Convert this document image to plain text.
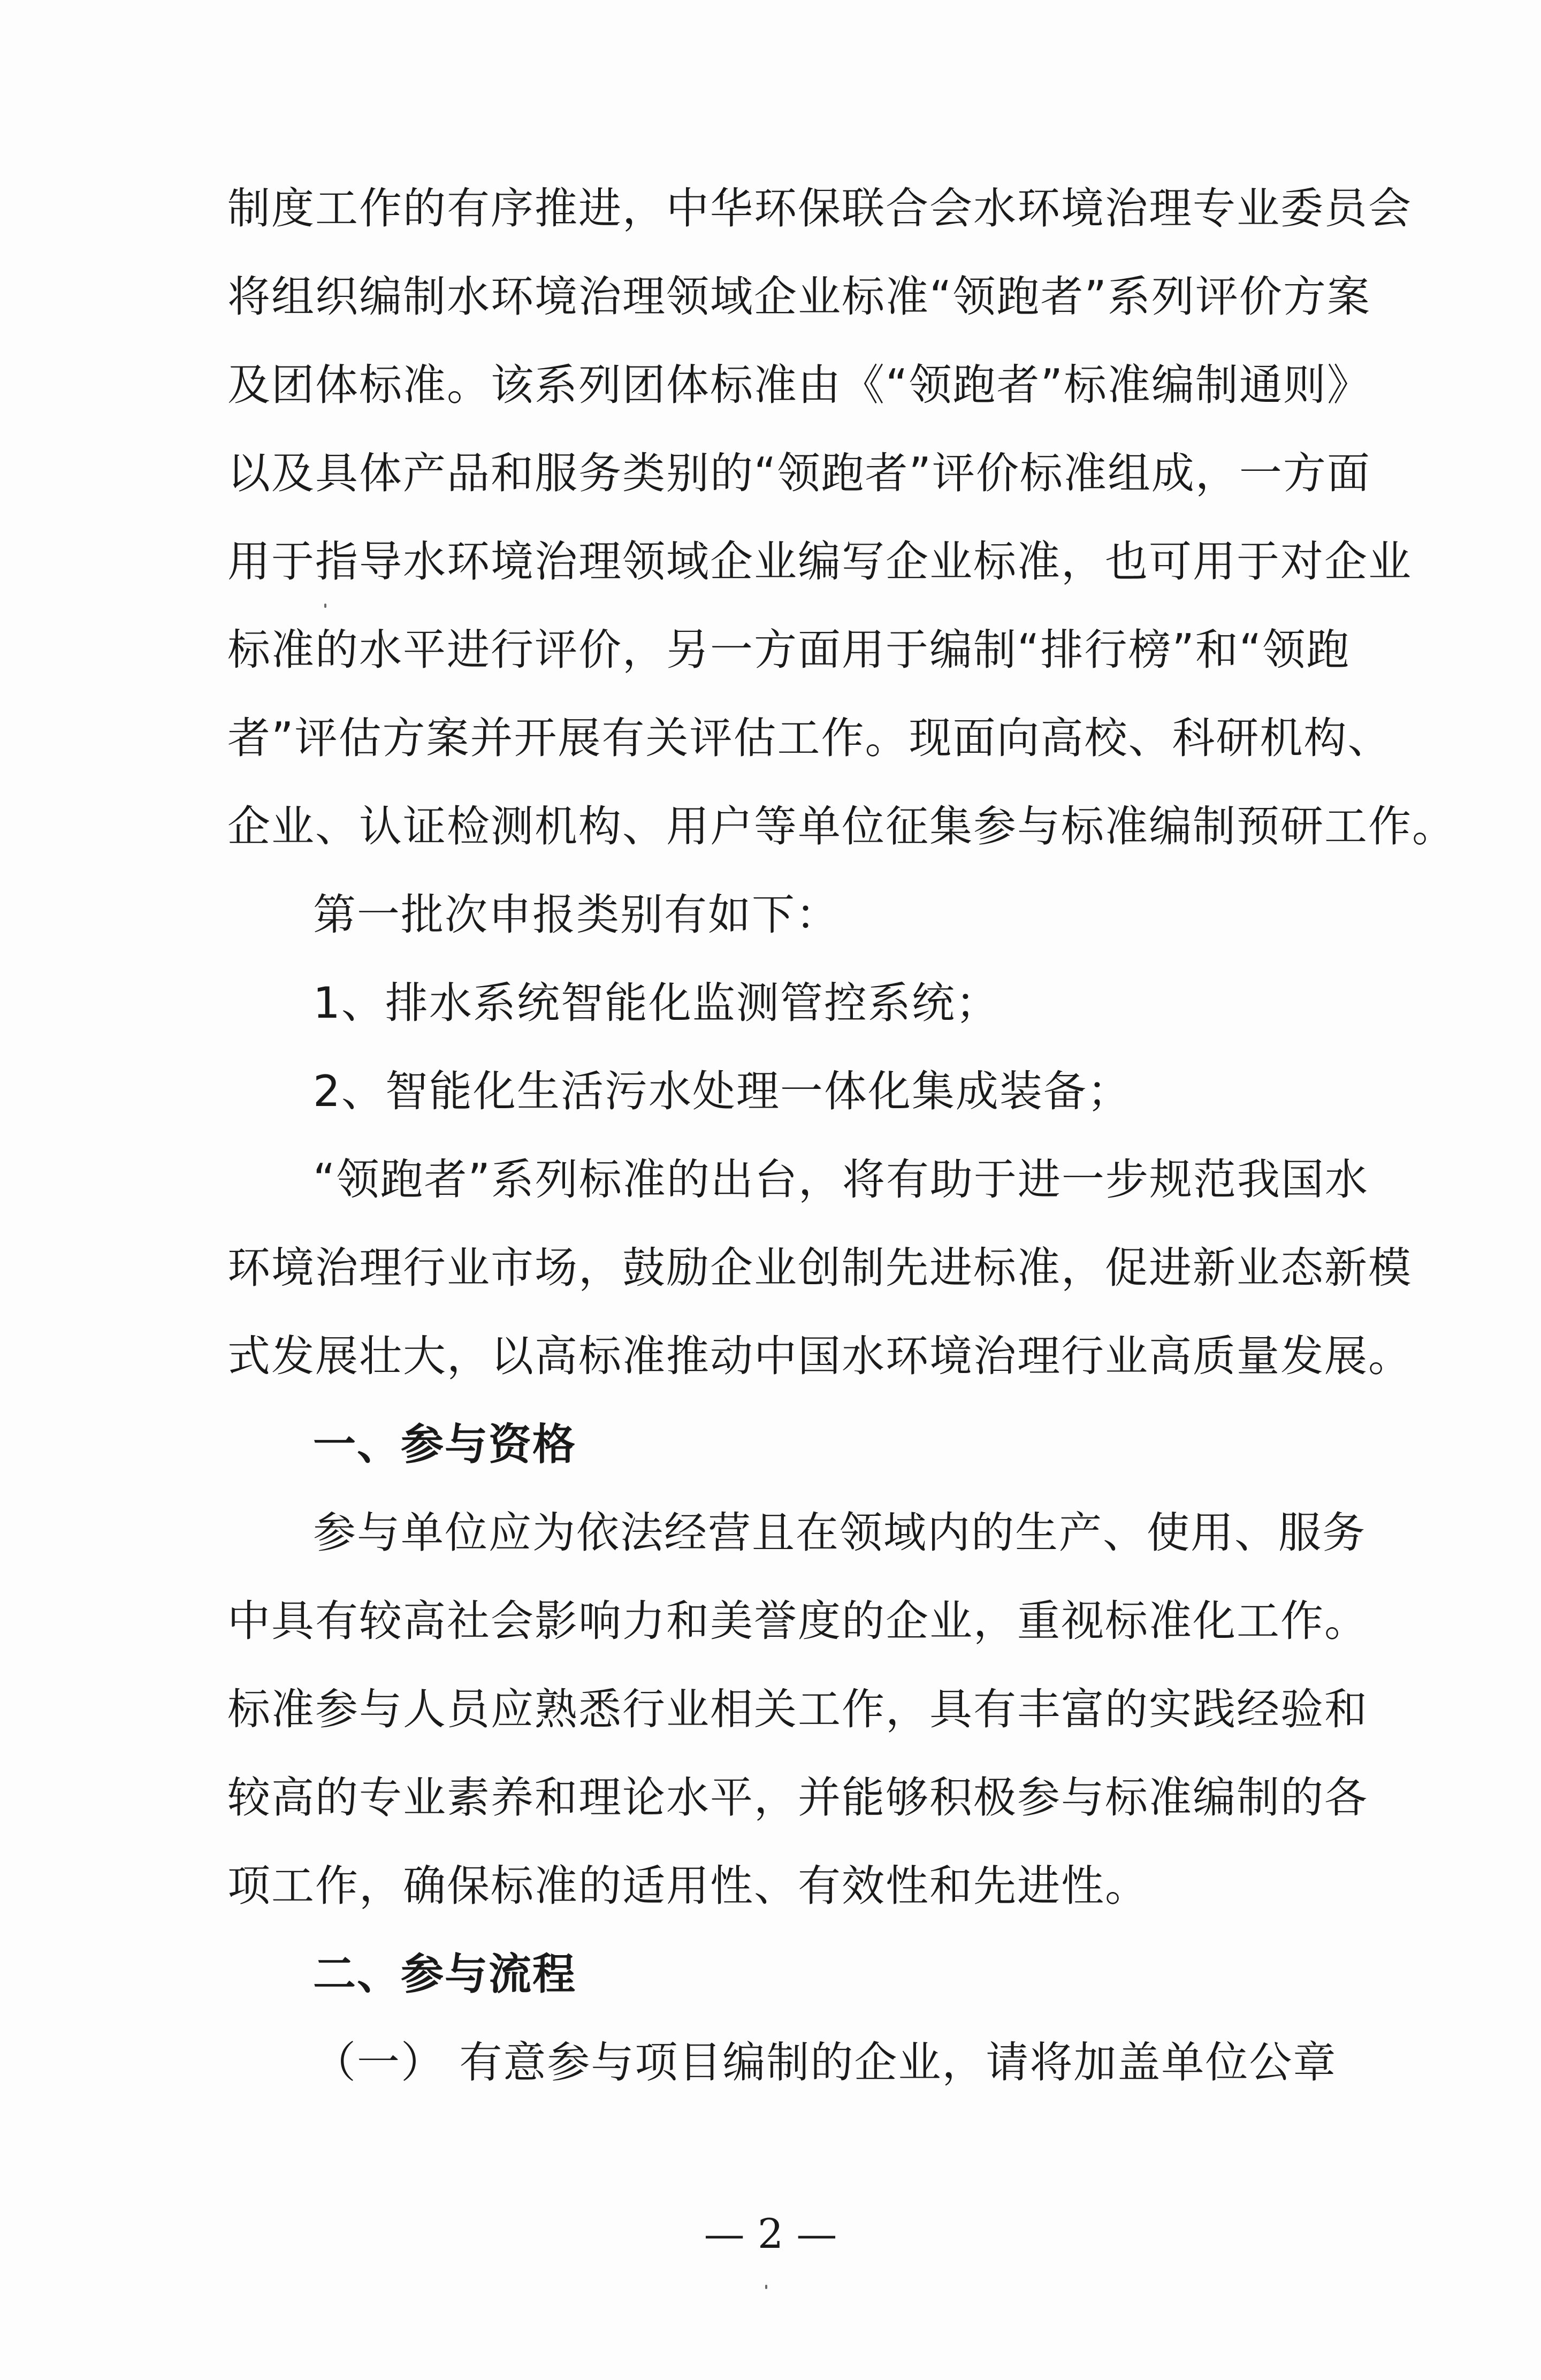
制度工作的有序推进，中华环保联合会水环境治理专业委员会
将组织编制水环境治理领域企业标准“领跑者”系列评价方案
及团体标准。该系列团体标准由《“领跑者”标准编制通则》
以及具体产品和服务类别的“领跑者”评价标准组成，一方面
用于指导水环境治理领域企业编写企业标准，也可用于对企业
标准的水平进行评价，另一方面用于编制“排行榜”和“领跑
者”评估方案并开展有关评估工作。现面向高校、科研机构、
企业、认证检测机构、用户等单位征集参与标准编制预研工作。
第一批次申报类别有如下：
1、排水系统智能化监测管控系统；
2、智能化生活污水处理一体化集成装备；
“领跑者”系列标准的出台，将有助于进一步规范我国水
环境治理行业市场，鼓励企业创制先进标准，促进新业态新模
式发展壮大，以高标准推动中国水环境治理行业高质量发展。
一、参与资格
参与单位应为依法经营且在领域内的生产、使用、服务
中具有较高社会影响力和美誉度的企业，重视标准化工作。
标准参与人员应熟悉行业相关工作，具有丰富的实践经验和
较高的专业素养和理论水平，并能够积极参与标准编制的各
项工作，确保标准的适用性、有效性和先进性。
二、参与流程
（一） 有意参与项目编制的企业，请将加盖单位公章
— 2 —
